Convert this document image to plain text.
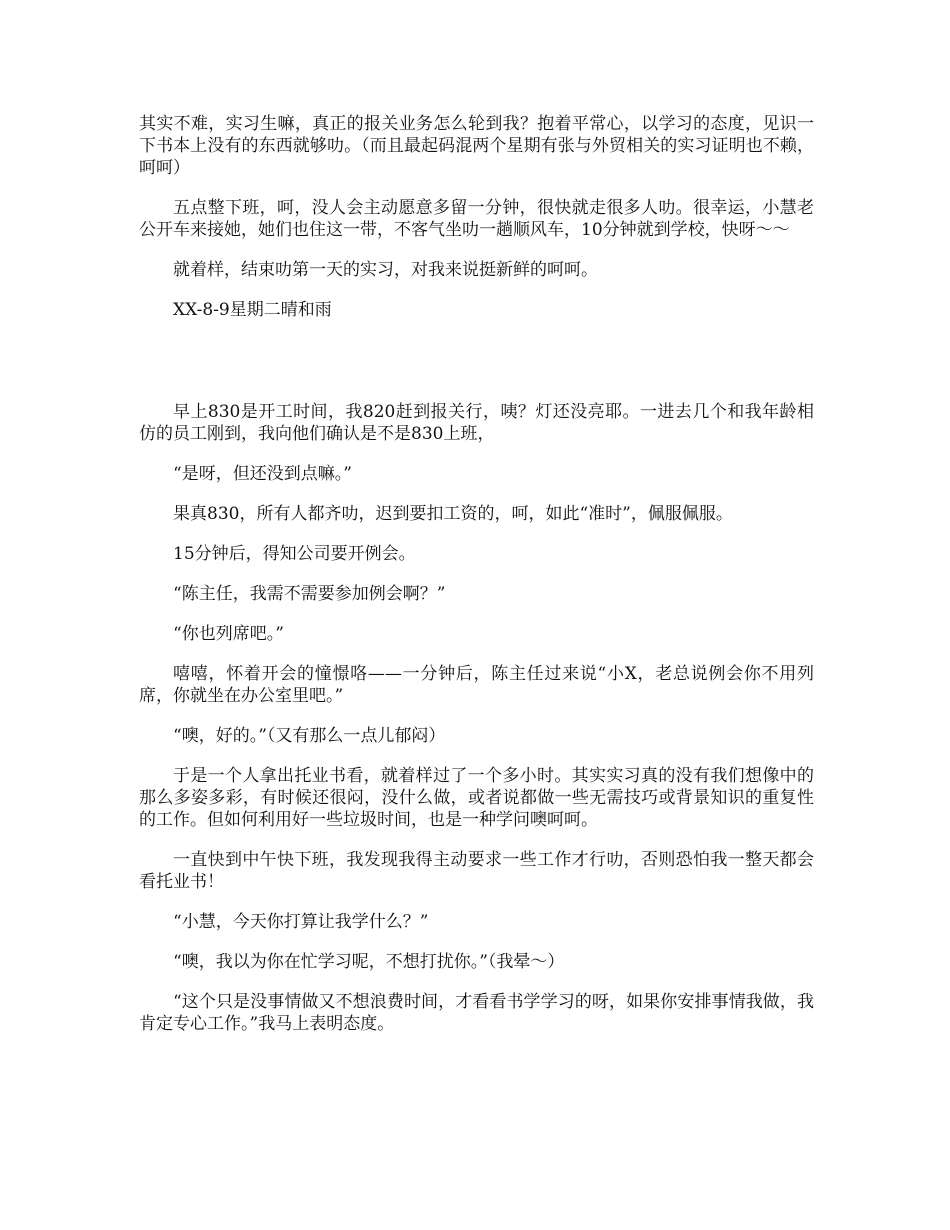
其实不难，实习生嘛，真正的报关业务怎么轮到我？抱着平常心，以学习的态度，见识一下书本上没有的东西就够叻。（而且最起码混两个星期有张与外贸相关的实习证明也不赖，呵呵）

五点整下班，呵，没人会主动愿意多留一分钟，很快就走很多人叻。很幸运，小慧老公开车来接她，她们也住这一带，不客气坐叻一趟顺风车，10分钟就到学校，快呀～～

就着样，结束叻第一天的实习，对我来说挺新鲜的呵呵。

XX-8-9星期二晴和雨

早上830是开工时间，我820赶到报关行，咦？灯还没亮耶。一进去几个和我年龄相仿的员工刚到，我向他们确认是不是830上班，

“是呀，但还没到点嘛。”

果真830，所有人都齐叻，迟到要扣工资的，呵，如此“准时”，佩服佩服。

15分钟后，得知公司要开例会。

“陈主任，我需不需要参加例会啊？”

“你也列席吧。”

嘻嘻，怀着开会的憧憬咯——一分钟后，陈主任过来说“小X，老总说例会你不用列席，你就坐在办公室里吧。”

“噢，好的。”（又有那么一点儿郁闷）

于是一个人拿出托业书看，就着样过了一个多小时。其实实习真的没有我们想像中的那么多姿多彩，有时候还很闷，没什么做，或者说都做一些无需技巧或背景知识的重复性的工作。但如何利用好一些垃圾时间，也是一种学问噢呵呵。

一直快到中午快下班，我发现我得主动要求一些工作才行叻，否则恐怕我一整天都会看托业书！

“小慧，今天你打算让我学什么？”

“噢，我以为你在忙学习呢，不想打扰你。”（我晕～）

“这个只是没事情做又不想浪费时间，才看看书学学习的呀，如果你安排事情我做，我肯定专心工作。”我马上表明态度。
